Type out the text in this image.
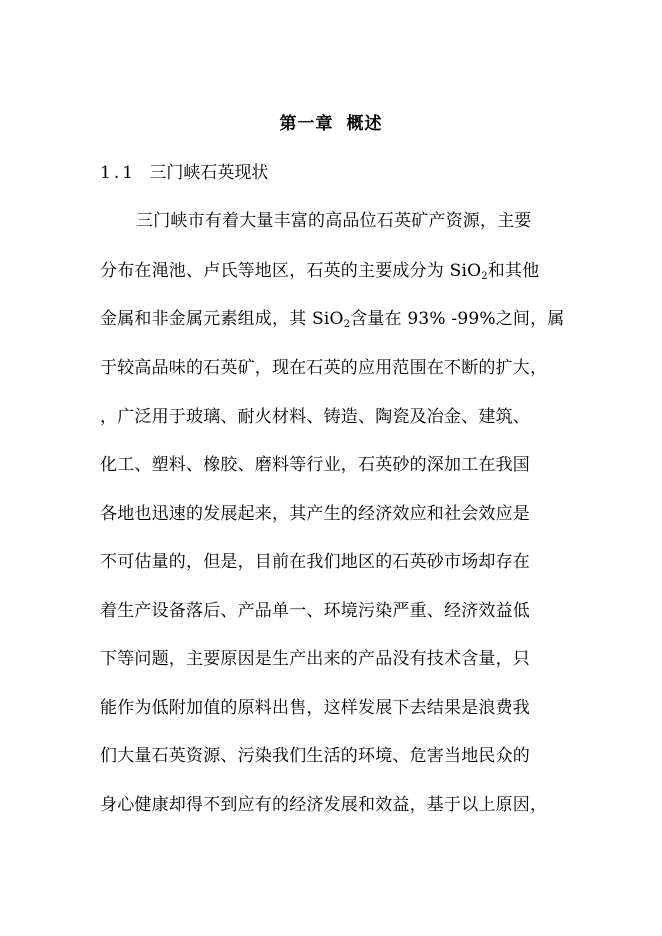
第一章 概述
1.1 三门峡石英现状
三门峡市有着大量丰富的高品位石英矿产资源，主要
分布在渑池、卢氏等地区，石英的主要成分为 SiO$_2$和其他
金属和非金属元素组成，其 SiO$_2$含量在 93% -99%之间，属
于较高品味的石英矿，现在石英的应用范围在不断的扩大，
，广泛用于玻璃、耐火材料、铸造、陶瓷及冶金、建筑、
化工、塑料、橡胶、磨料等行业，石英砂的深加工在我国
各地也迅速的发展起来，其产生的经济效应和社会效应是
不可估量的，但是，目前在我们地区的石英砂市场却存在
着生产设备落后、产品单一、环境污染严重、经济效益低
下等问题，主要原因是生产出来的产品没有技术含量，只
能作为低附加值的原料出售，这样发展下去结果是浪费我
们大量石英资源、污染我们生活的环境、危害当地民众的
身心健康却得不到应有的经济发展和效益，基于以上原因，
